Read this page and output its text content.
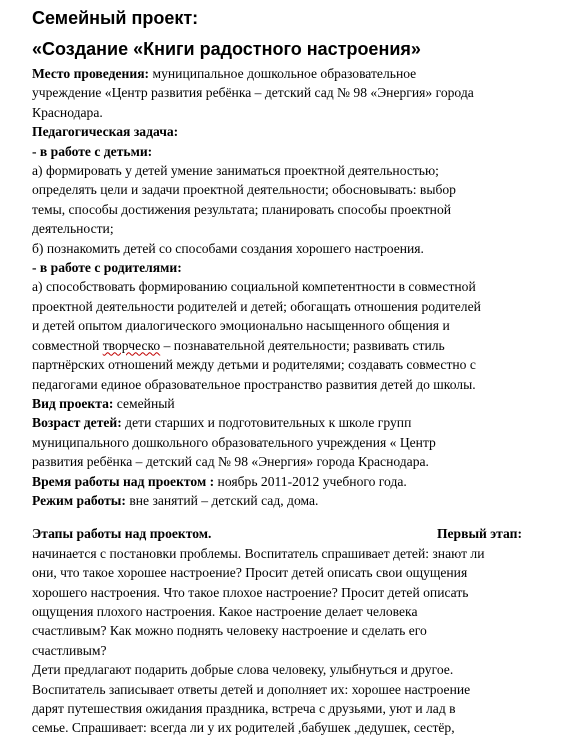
Семейный проект:

«Создание «Книги радостного настроения»

Место проведения: муниципальное дошкольное образовательное

учреждение «Центр развития ребёнка – детский сад № 98 «Энергия» города

Краснодара.

Педагогическая задача:

- в работе с детьми:

а) формировать у детей умение заниматься проектной деятельностью;

определять цели и задачи проектной деятельности; обосновывать: выбор

темы, способы достижения результата; планировать способы проектной

деятельности;

б) познакомить детей со способами создания хорошего настроения.

- в работе с родителями:

а) способствовать формированию социальной компетентности в совместной

проектной деятельности родителей и детей; обогащать отношения родителей

и детей опытом диалогического эмоционально насыщенного общения и

совместной творческо – познавательной деятельности; развивать стиль

партнёрских отношений между детьми и родителями; создавать совместно с

педагогами единое образовательное пространство развития детей до школы.

Вид проекта: семейный

Возраст детей: дети старших и подготовительных к школе групп

муниципального дошкольного образовательного учреждения « Центр

развития ребёнка – детский сад № 98 «Энергия» города Краснодара.

Время работы над проектом : ноябрь 2011-2012 учебного года.

Режим работы: вне занятий – детский сад, дома.

Этапы работы над проектом.	Первый этап:

начинается с постановки проблемы. Воспитатель спрашивает детей: знают ли

они, что такое хорошее настроение? Просит детей описать свои ощущения

хорошего настроения. Что такое плохое настроение? Просит детей описать

ощущения плохого настроения. Какое настроение делает человека

счастливым? Как можно поднять человеку настроение и сделать его

счастливым?

Дети предлагают подарить добрые слова человеку, улыбнуться и другое.

Воспитатель записывает ответы детей и дополняет их: хорошее настроение

дарят путешествия ожидания праздника, встреча с друзьями, уют и лад в

семье. Спрашивает: всегда ли у их родителей ,бабушек ,дедушек, сестёр,
